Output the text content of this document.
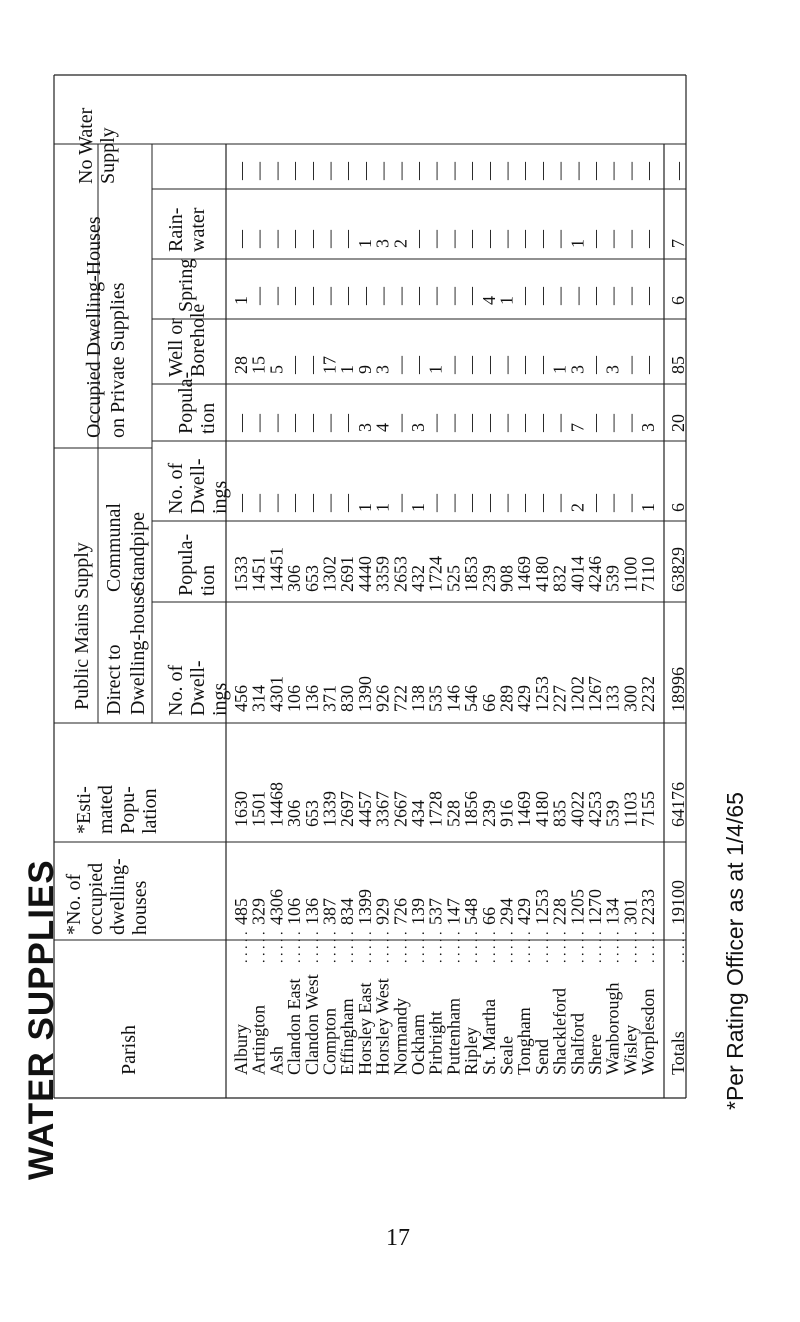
WATER SUPPLIES	*Per Rating Officer as at 1/4/65
17
Public Mains Supply Direct to Dwelling-house
Communal Standpipe
Occupied Dwelling-Houses on Private Supplies
Parish
*No. of occupied dwelling- houses
*Esti- mated Popu- lation
No. of Dwell- ings
Popula- tion
No. of Dwell- ings
Popula- tion
Well or Borehole
Spring
Rain- water
No Water Supply
Albury
. . . . .
485
1630
456
1533
—
—
28
1
—
—
Artington
. . . . .
329
1501
314
1451
—
—
15
—
—
—
Ash
. . . . .
4306
14468
4301
14451
—
—
5
—
—
—
Clandon East
. . . . .
106
306
106
306
—
—
—
—
—
—
Clandon West
. . . . .
136
653
136
653
—
—
—
—
—
—
Compton
. . . . .
387
1339
371
1302
—
—
17
—
—
—
Effingham
. . . . .
834
2697
830
2691
—
—
1
—
—
—
Horsley East
. . . . .
1399
4457
1390
4440
1
3
9
—
1
—
Horsley West
. . . . .
929
3367
926
3359
1
4
3
—
3
—
Normandy
. . . . .
726
2667
722
2653
—
—
—
—
2
—
Ockham
. . . . .
139
434
138
432
1
3
—
—
—
—
Pirbright
. . . . .
537
1728
535
1724
—
—
1
—
—
—
Puttenham
. . . . .
147
528
146
525
—
—
—
—
—
—
Ripley
. . . . .
548
1856
546
1853
—
—
—
—
—
—
St. Martha
. . . . .
66
239
66
239
—
—
—
4
—
—
Seale
. . . . .
294
916
289
908
—
—
—
1
—
—
Tongham
. . . . .
429
1469
429
1469
—
—
—
—
—
—
Send
. . . . .
1253
4180
1253
4180
—
—
—
—
—
—
Shackleford
. . . . .
228
835
227
832
—
—
1
—
—
—
Shalford
. . . . .
1205
4022
1202
4014
2
7
3
—
1
—
Shere
. . . . .
1270
4253
1267
4246
—
—
—
—
—
—
Wanborough
. . . . .
134
539
133
539
—
—
3
—
—
—
Wisley
. . . . .
301
1103
300
1100
—
—
—
—
—
—
Worplesdon
. . . . .
2233
7155
2232
7110
1
3
—
—
—
—
Totals
. . . . .
19100
64176
18996
63829
6
20
85
6
7
—
